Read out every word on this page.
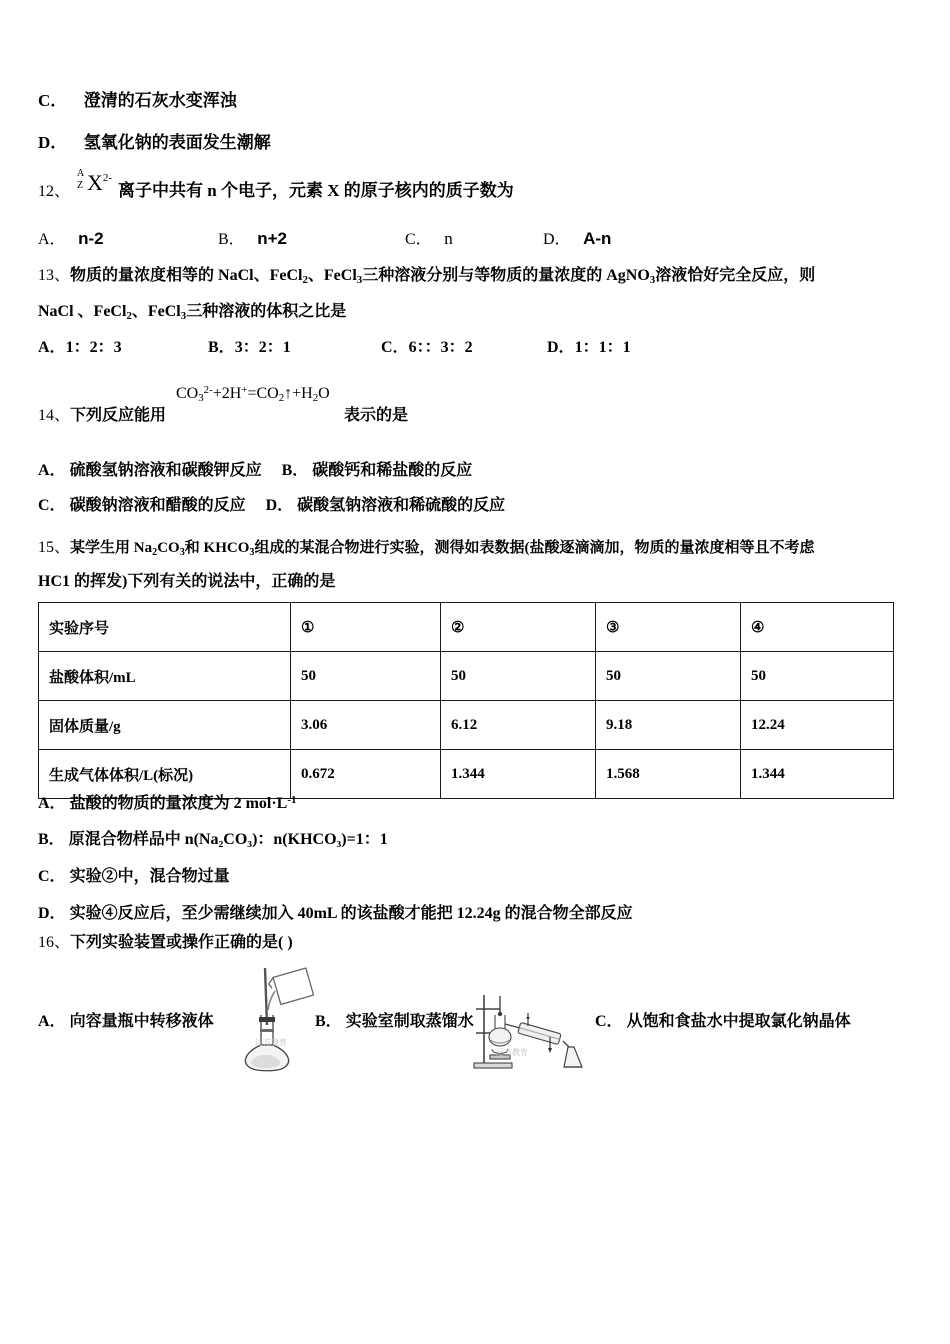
C． 澄清的石灰水变浑浊
D． 氢氧化钠的表面发生潮解
12、
A
Z $X^{2-}$
离子中共有 n 个电子，元素 X 的原子核内的质子数为
A． n-2	B． n+2	C． n	D． A-n
13、物质的量浓度相等的 NaCl、FeCl$_2$、FeCl$_3$三种溶液分别与等物质的量浓度的 AgNO$_3$溶液恰好完全反应，则
NaCl 、FeCl$_2$、FeCl$_3$三种溶液的体积之比是
A．1：2：3	B．3：2：1	C．6：：3：2	D．1：1：1
$CO_3^{2-}+2H^+=CO_2↑+H_2O$
14、下列反应能用	表示的是
A． 硫酸氢钠溶液和碳酸钾反应 B． 碳酸钙和稀盐酸的反应
C． 碳酸钠溶液和醋酸的反应 D． 碳酸氢钠溶液和稀硫酸的反应
15、某学生用 $Na_2CO_3$和 $KHCO_3$组成的某混合物进行实验，测得如表数据(盐酸逐滴滴加，物质的量浓度相等且不考虑
HC1 的挥发)下列有关的说法中，正确的是
实验序号	①	②	③	④
盐酸体积/mL	50	50	50	50
固体质量/g	3.06	6.12	9.18	12.24
生成气体体积/L(标况)	0.672	1.344	1.568	1.344
A． 盐酸的物质的量浓度为 2 $mol\cdot L^{-1}$
B． 原混合物样品中 n(Na₂CO₃)：n(KHCO₃)=1：1
C． 实验②中，混合物过量
D． 实验④反应后，至少需继续加入 40mL 的该盐酸才能把 12.24g 的混合物全部反应
16、下列实验装置或操作正确的是( )
远方教育
远方教育
A． 向容量瓶中转移液体	B． 实验室制取蒸馏水	C． 从饱和食盐水中提取氯化钠晶体
